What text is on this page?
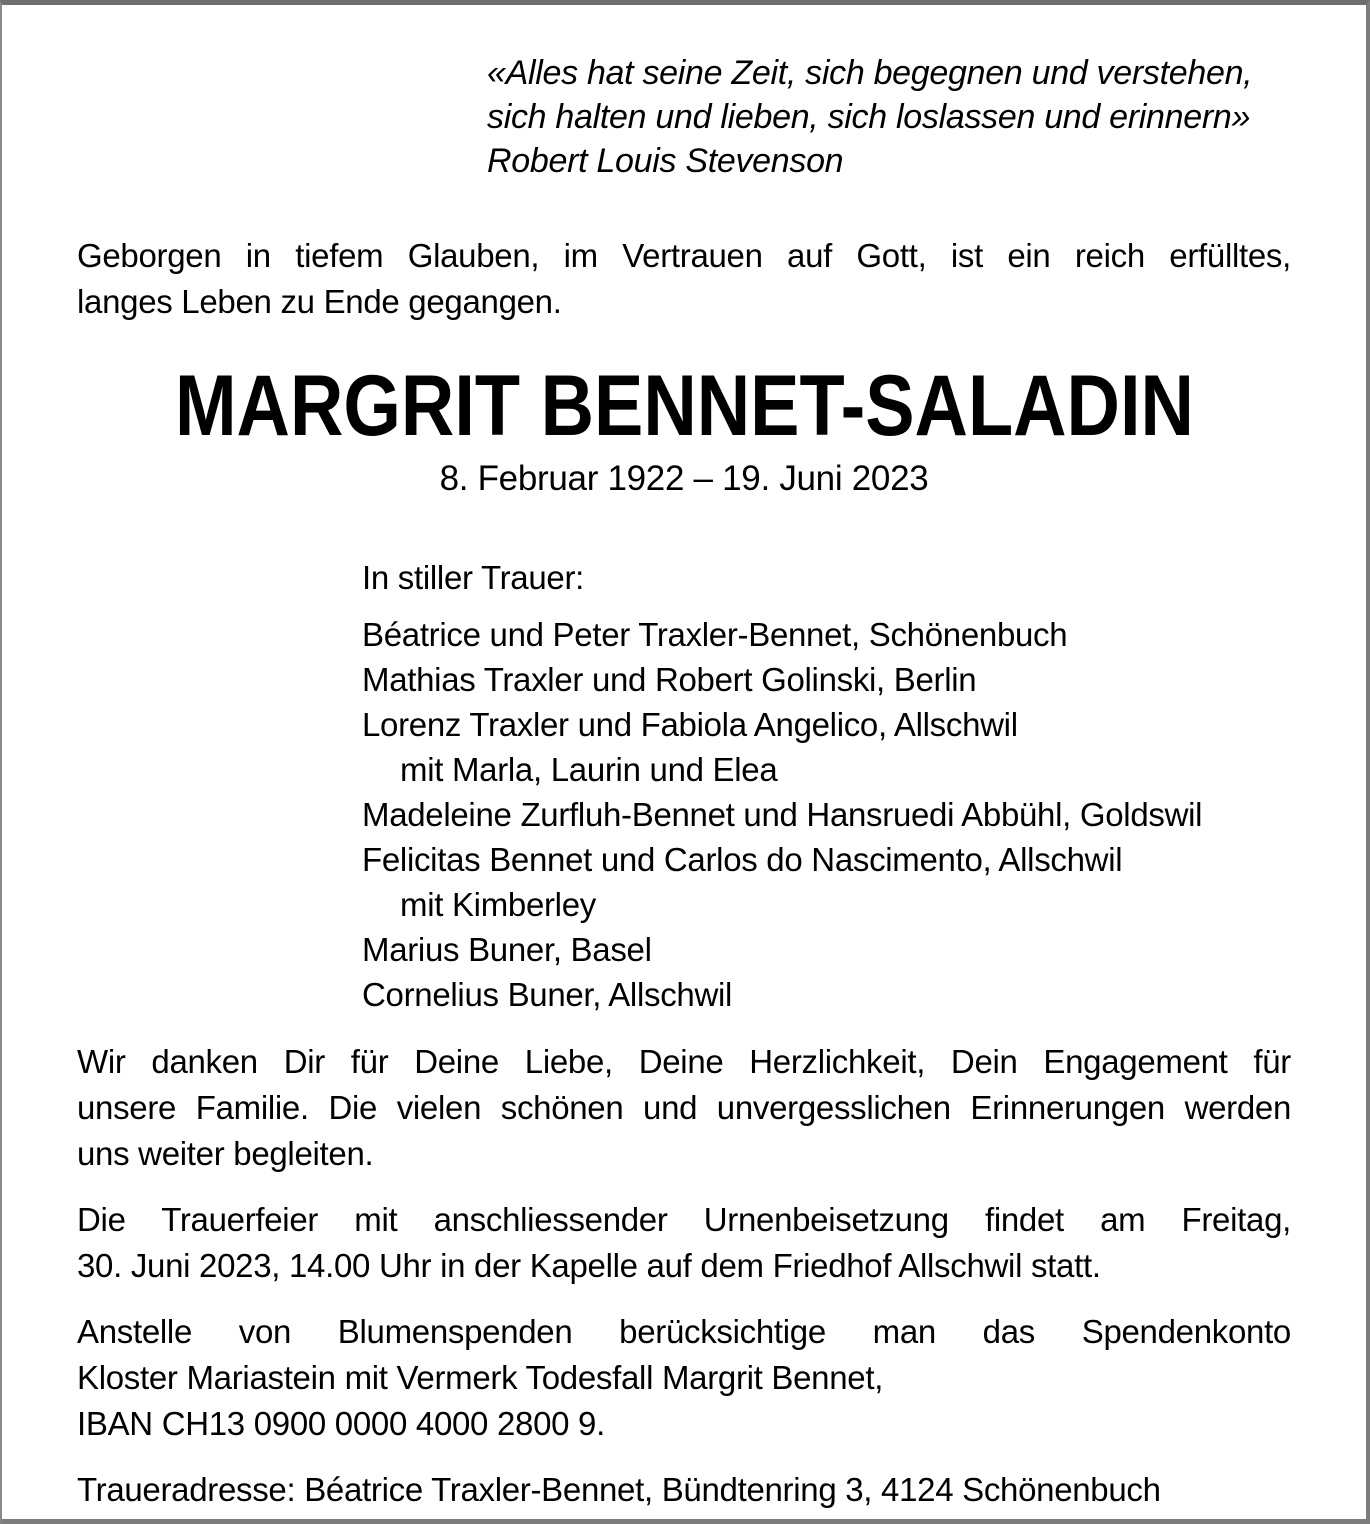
«Alles hat seine Zeit, sich begegnen und verstehen,
sich halten und lieben, sich loslassen und erinnern»
Robert Louis Stevenson
Geborgen in tiefem Glauben, im Vertrauen auf Gott, ist ein reich erfülltes,
langes Leben zu Ende gegangen.
MARGRIT BENNET-SALADIN
8. Februar 1922 – 19. Juni 2023
In stiller Trauer:
Béatrice und Peter Traxler-Bennet, Schönenbuch
Mathias Traxler und Robert Golinski, Berlin
Lorenz Traxler und Fabiola Angelico, Allschwil
mit Marla, Laurin und Elea
Madeleine Zurfluh-Bennet und Hansruedi Abbühl, Goldswil
Felicitas Bennet und Carlos do Nascimento, Allschwil
mit Kimberley
Marius Buner, Basel
Cornelius Buner, Allschwil
Wir danken Dir für Deine Liebe, Deine Herzlichkeit, Dein Engagement für
unsere Familie. Die vielen schönen und unvergesslichen Erinnerungen werden
uns weiter begleiten.
Die Trauerfeier mit anschliessender Urnenbeisetzung findet am Freitag,
30. Juni 2023, 14.00 Uhr in der Kapelle auf dem Friedhof Allschwil statt.
Anstelle von Blumenspenden berücksichtige man das Spendenkonto
Kloster Mariastein mit Vermerk Todesfall Margrit Bennet,
IBAN CH13 0900 0000 4000 2800 9.
Traueradresse: Béatrice Traxler-Bennet, Bündtenring 3, 4124 Schönenbuch
